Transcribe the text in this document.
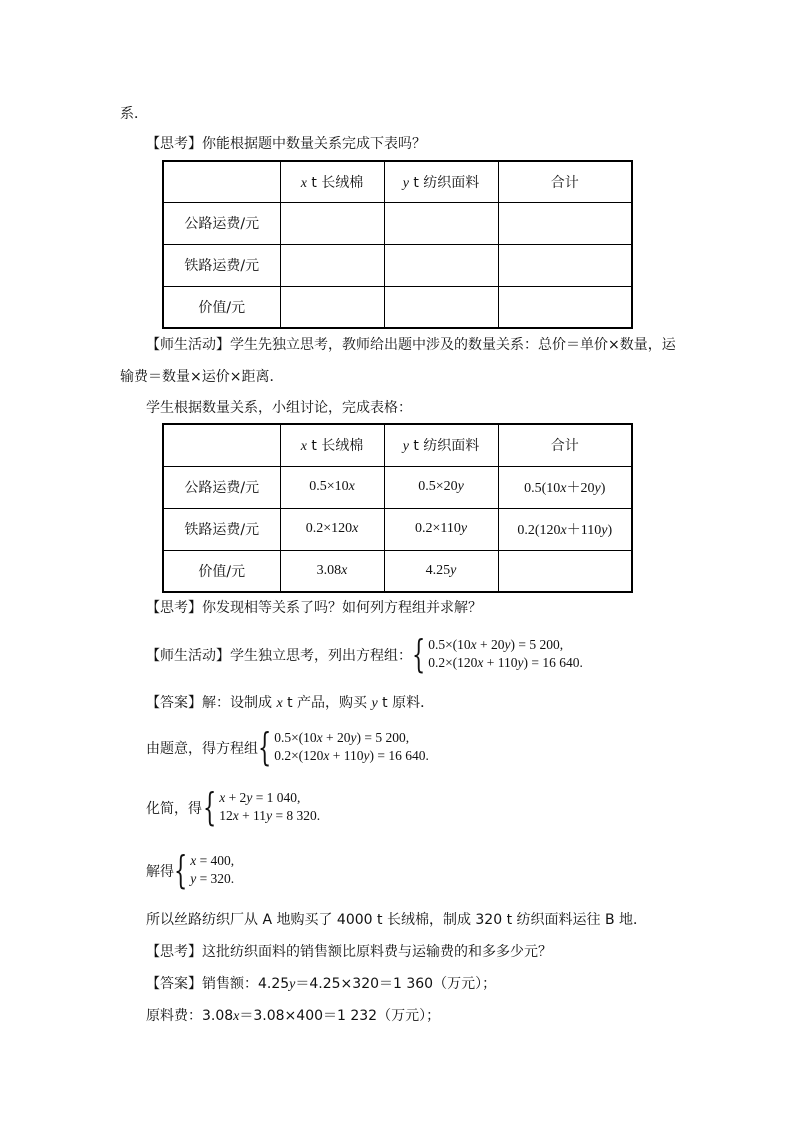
系．
【思考】你能根据题中数量关系完成下表吗？
	x t 长绒棉	y t 纺织面料	合计
公路运费/元			
铁路运费/元			
价值/元			
【师生活动】学生先独立思考，教师给出题中涉及的数量关系：总价＝单价×数量，运
输费＝数量×运价×距离．
学生根据数量关系，小组讨论，完成表格：
	x t 长绒棉	y t 纺织面料	合计
公路运费/元	0.5×10x	0.5×20y	0.5(10x＋20y)
铁路运费/元	0.2×120x	0.2×110y	0.2(120x＋110y)
价值/元	3.08x	4.25y	
【思考】你发现相等关系了吗？如何列方程组并求解？
【师生活动】学生独立思考，列出方程组： { 0.5×(10x + 20y) = 5 200,
0.2×(120x + 110y) = 16 640.
【答案】解：设制成 x t 产品，购买 y t 原料．
由题意，得方程组 { 0.5×(10x + 20y) = 5 200,
0.2×(120x + 110y) = 16 640.
化简，得 { x + 2y = 1 040,
12x + 11y = 8 320.
解得 { x = 400,
y = 320.
所以丝路纺织厂从 A 地购买了 4000 t 长绒棉，制成 320 t 纺织面料运往 B 地．
【思考】这批纺织面料的销售额比原料费与运输费的和多多少元？
【答案】销售额：4.25y＝4.25×320＝1 360（万元）；
原料费：3.08x＝3.08×400＝1 232（万元）；
